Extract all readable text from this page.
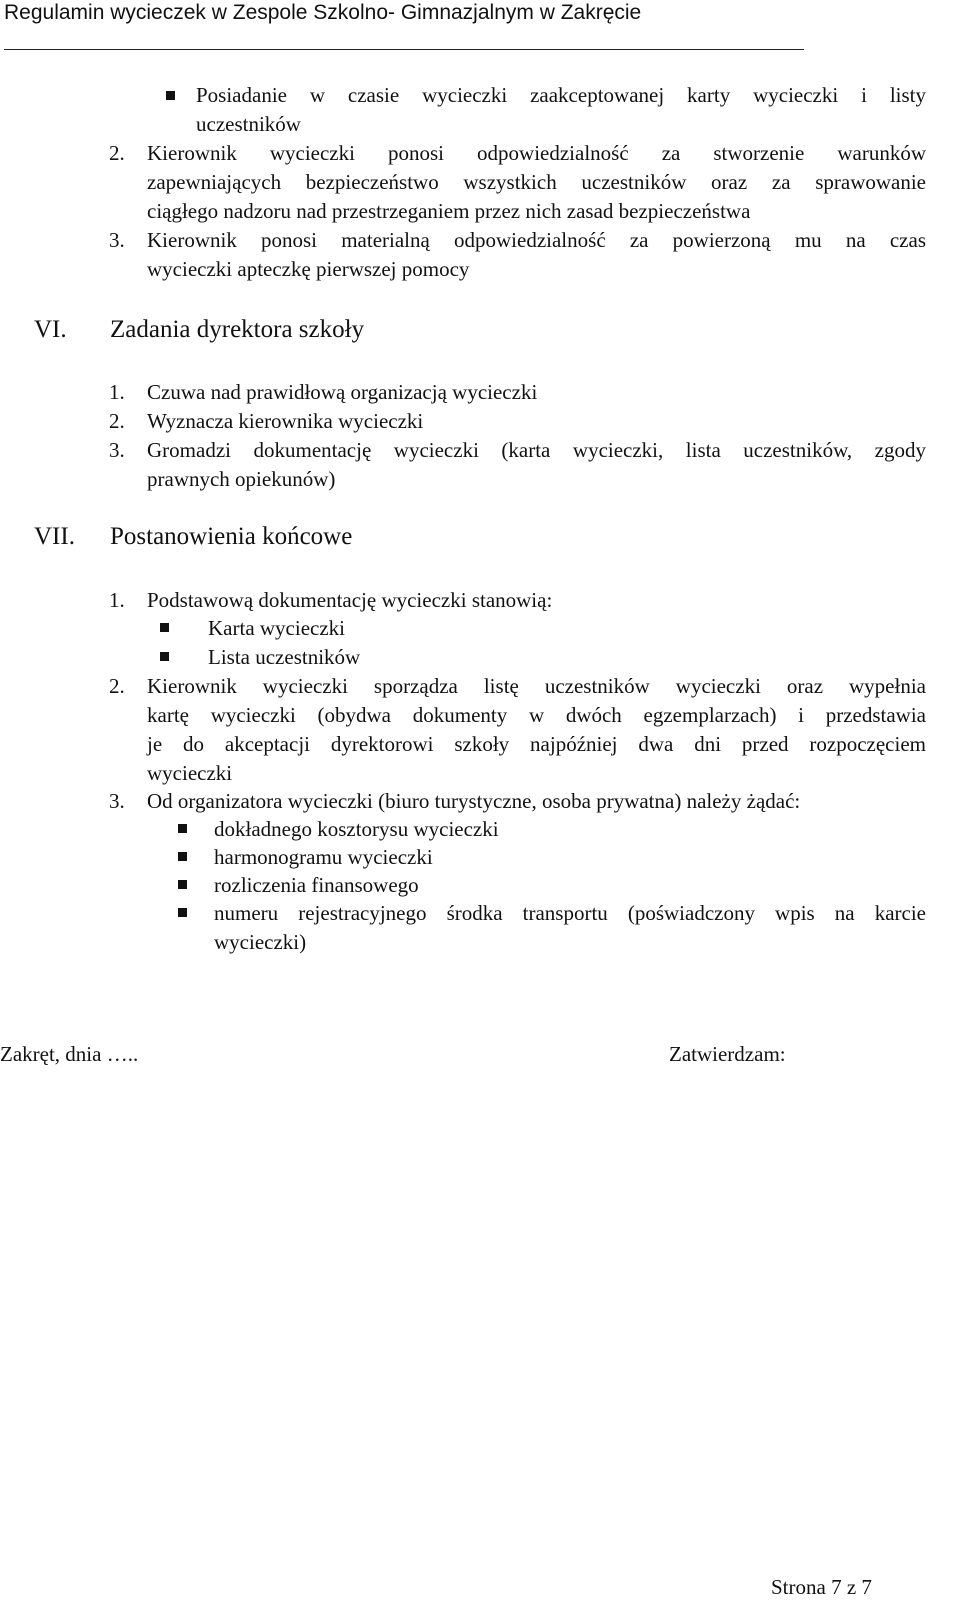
Regulamin wycieczek w Zespole Szkolno- Gimnazjalnym w Zakręcie
Posiadanie w czasie wycieczki zaakceptowanej karty wycieczki i listy
uczestników
2. Kierownik wycieczki ponosi odpowiedzialność za stworzenie warunków
zapewniających bezpieczeństwo wszystkich uczestników oraz za sprawowanie
ciągłego nadzoru nad przestrzeganiem przez nich zasad bezpieczeństwa
3. Kierownik ponosi materialną odpowiedzialność za powierzoną mu na czas
wycieczki apteczkę pierwszej pomocy
VI. Zadania dyrektora szkoły
1. Czuwa nad prawidłową organizacją wycieczki
2. Wyznacza kierownika wycieczki
3. Gromadzi dokumentację wycieczki (karta wycieczki, lista uczestników, zgody
prawnych opiekunów)
VII. Postanowienia końcowe
1. Podstawową dokumentację wycieczki stanowią:
Karta wycieczki
Lista uczestników
2. Kierownik wycieczki sporządza listę uczestników wycieczki oraz wypełnia
kartę wycieczki (obydwa dokumenty w dwóch egzemplarzach) i przedstawia
je do akceptacji dyrektorowi szkoły najpóźniej dwa dni przed rozpoczęciem
wycieczki
3. Od organizatora wycieczki (biuro turystyczne, osoba prywatna) należy żądać:
dokładnego kosztorysu wycieczki
harmonogramu wycieczki
rozliczenia finansowego
numeru rejestracyjnego środka transportu (poświadczony wpis na karcie
wycieczki)
Zakręt, dnia …..	Zatwierdzam:
Strona 7 z 7
